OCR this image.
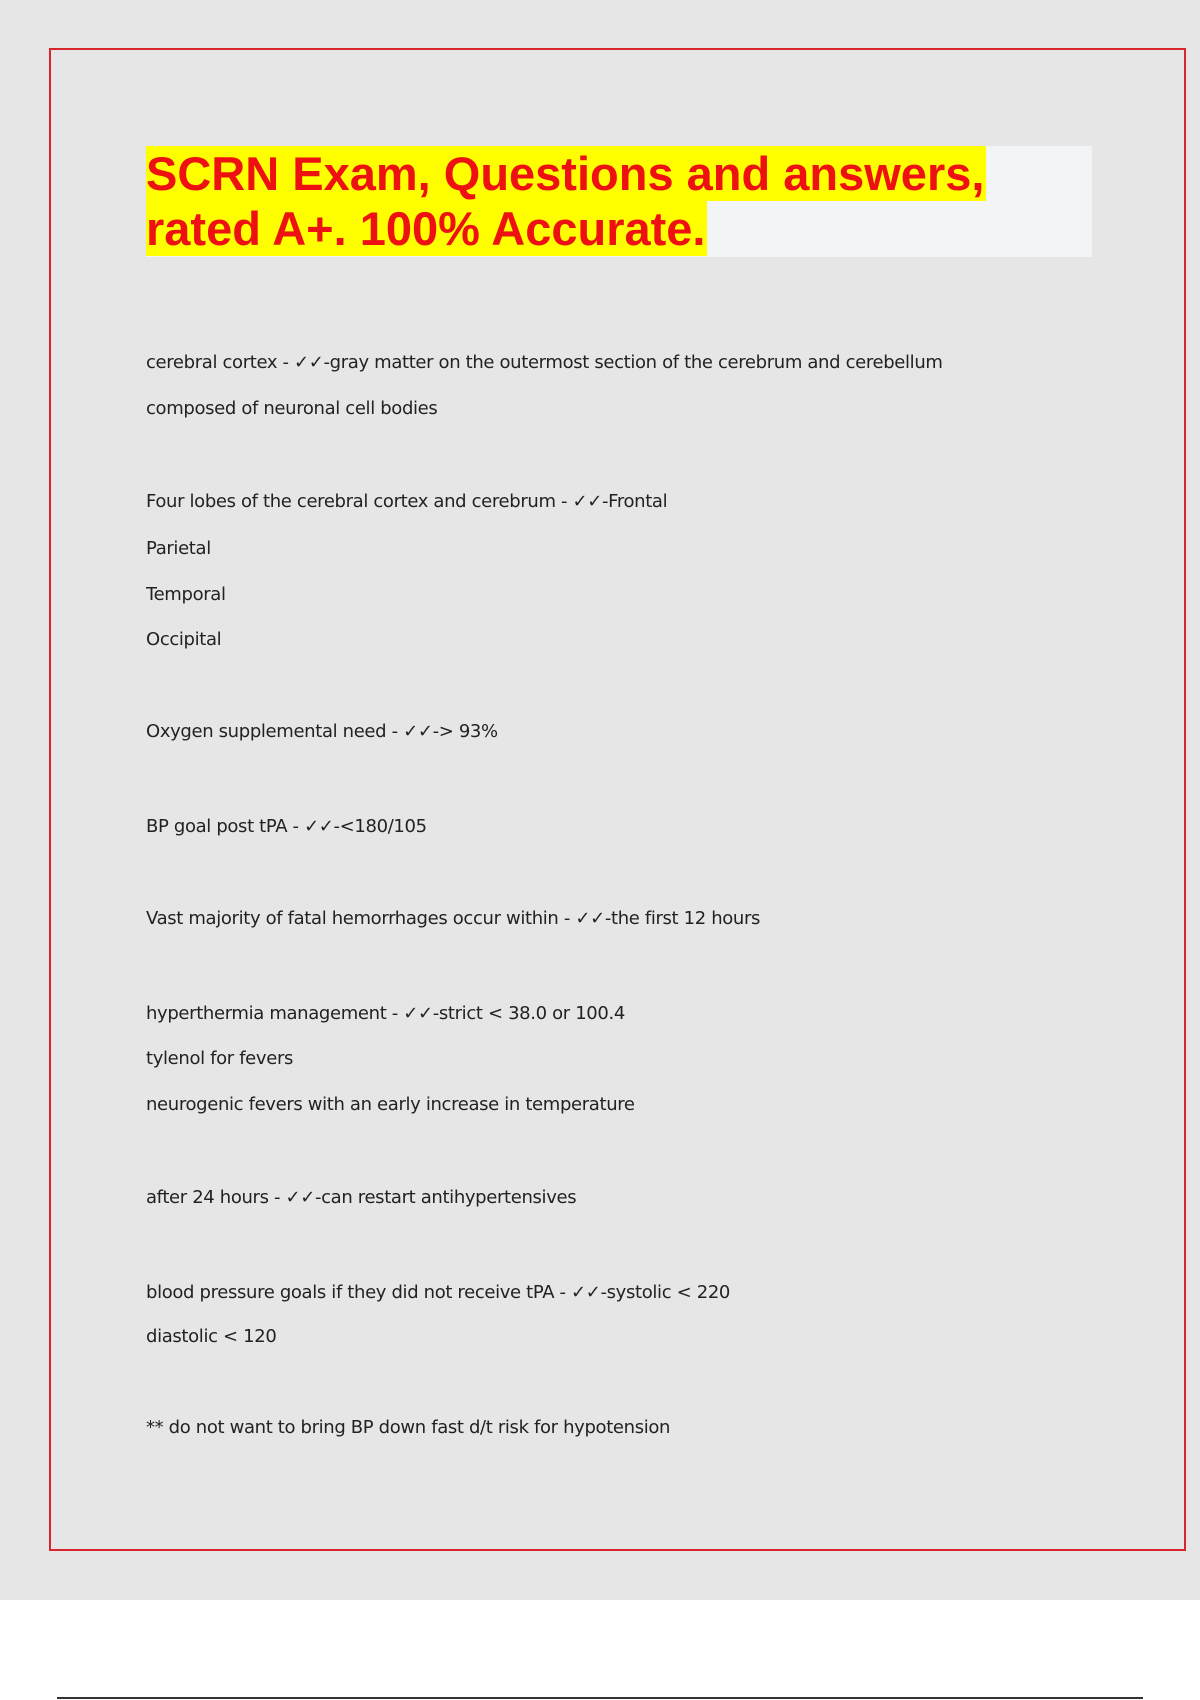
SCRN Exam, Questions and answers,
rated A+. 100% Accurate.
cerebral cortex - ✓✓-gray matter on the outermost section of the cerebrum and cerebellum
composed of neuronal cell bodies
Four lobes of the cerebral cortex and cerebrum - ✓✓-Frontal
Parietal
Temporal
Occipital
Oxygen supplemental need - ✓✓-> 93%
BP goal post tPA - ✓✓-<180/105
Vast majority of fatal hemorrhages occur within - ✓✓-the first 12 hours
hyperthermia management - ✓✓-strict < 38.0 or 100.4
tylenol for fevers
neurogenic fevers with an early increase in temperature
after 24 hours - ✓✓-can restart antihypertensives
blood pressure goals if they did not receive tPA - ✓✓-systolic < 220
diastolic < 120
** do not want to bring BP down fast d/t risk for hypotension
